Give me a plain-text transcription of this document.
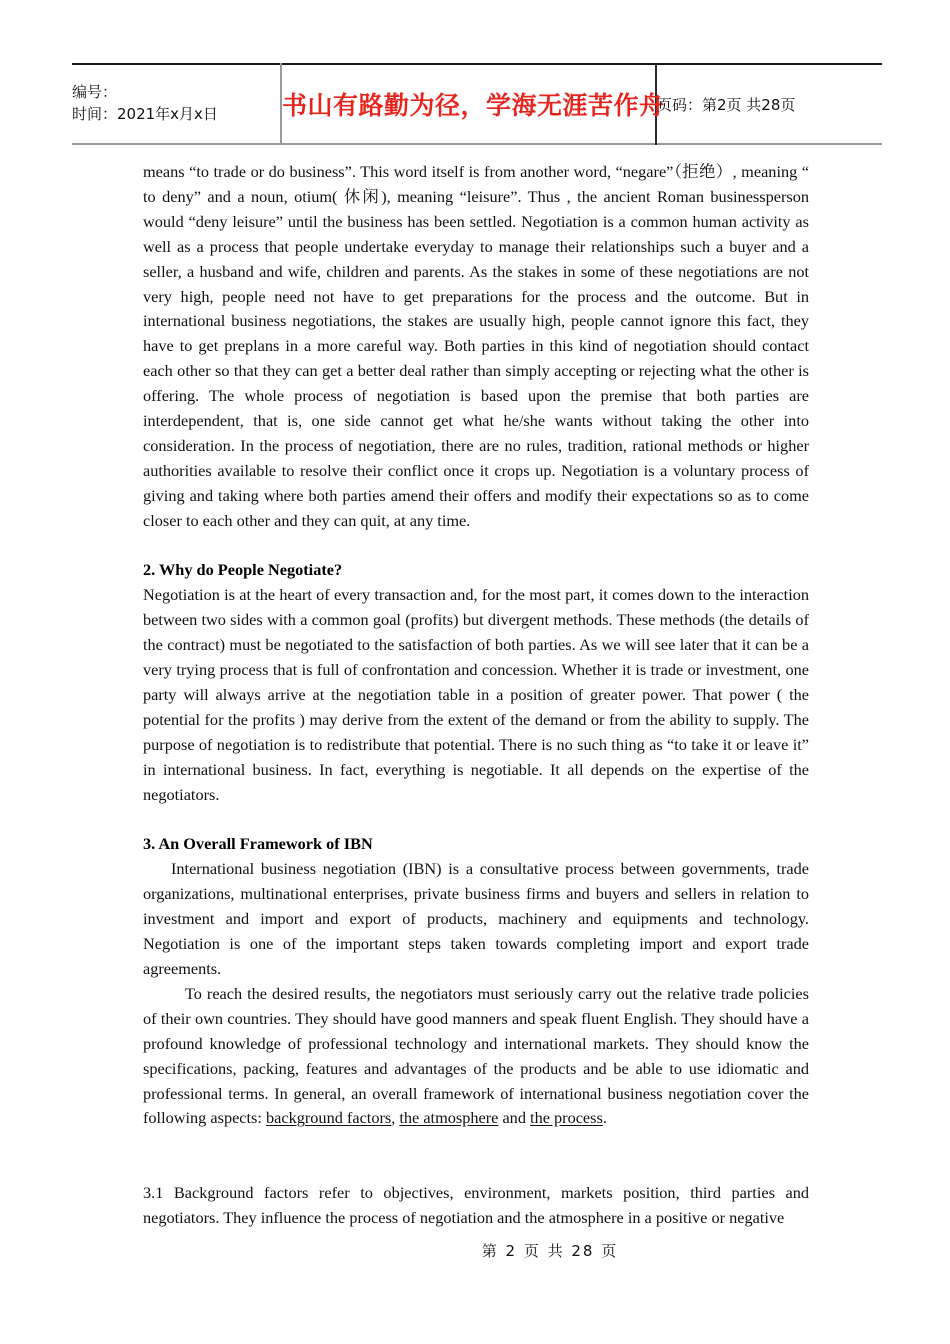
编号：
时间：2021年x月x日	书山有路勤为径，学海无涯苦作舟	页码：第2页 共28页

means “to trade or do business”. This word itself is from another word, “negare”（拒绝）, meaning “ to deny” and a noun, otium( 休闲), meaning “leisure”. Thus , the ancient Roman businessperson would “deny leisure” until the business has been settled. Negotiation is a common human activity as well as a process that people undertake everyday to manage their relationships such a buyer and a seller, a husband and wife, children and parents. As the stakes in some of these negotiations are not very high, people need not have to get preparations for the process and the outcome. But in international business negotiations, the stakes are usually high, people cannot ignore this fact, they have to get preplans in a more careful way. Both parties in this kind of negotiation should contact each other so that they can get a better deal rather than simply accepting or rejecting what the other is offering. The whole process of negotiation is based upon the premise that both parties are interdependent, that is, one side cannot get what he/she wants without taking the other into consideration. In the process of negotiation, there are no rules, tradition, rational methods or higher authorities available to resolve their conflict once it crops up. Negotiation is a voluntary process of giving and taking where both parties amend their offers and modify their expectations so as to come closer to each other and they can quit, at any time.

2. Why do People Negotiate?

Negotiation is at the heart of every transaction and, for the most part, it comes down to the interaction between two sides with a common goal (profits) but divergent methods. These methods (the details of the contract) must be negotiated to the satisfaction of both parties. As we will see later that it can be a very trying process that is full of confrontation and concession. Whether it is trade or investment, one party will always arrive at the negotiation table in a position of greater power. That power ( the potential for the profits ) may derive from the extent of the demand or from the ability to supply. The purpose of negotiation is to redistribute that potential. There is no such thing as “to take it or leave it” in international business. In fact, everything is negotiable. It all depends on the expertise of the negotiators.

3. An Overall Framework of IBN

International business negotiation (IBN) is a consultative process between governments, trade organizations, multinational enterprises, private business firms and buyers and sellers in relation to investment and import and export of products, machinery and equipments and technology. Negotiation is one of the important steps taken towards completing import and export trade agreements.

To reach the desired results, the negotiators must seriously carry out the relative trade policies of their own countries. They should have good manners and speak fluent English. They should have a profound knowledge of professional technology and international markets. They should know the specifications, packing, features and advantages of the products and be able to use idiomatic and professional terms. In general, an overall framework of international business negotiation cover the following aspects: background factors, the atmosphere and the process.

3.1 Background factors refer to objectives, environment, markets position, third parties and negotiators. They influence the process of negotiation and the atmosphere in a positive or negative

第 2 页 共 28 页
